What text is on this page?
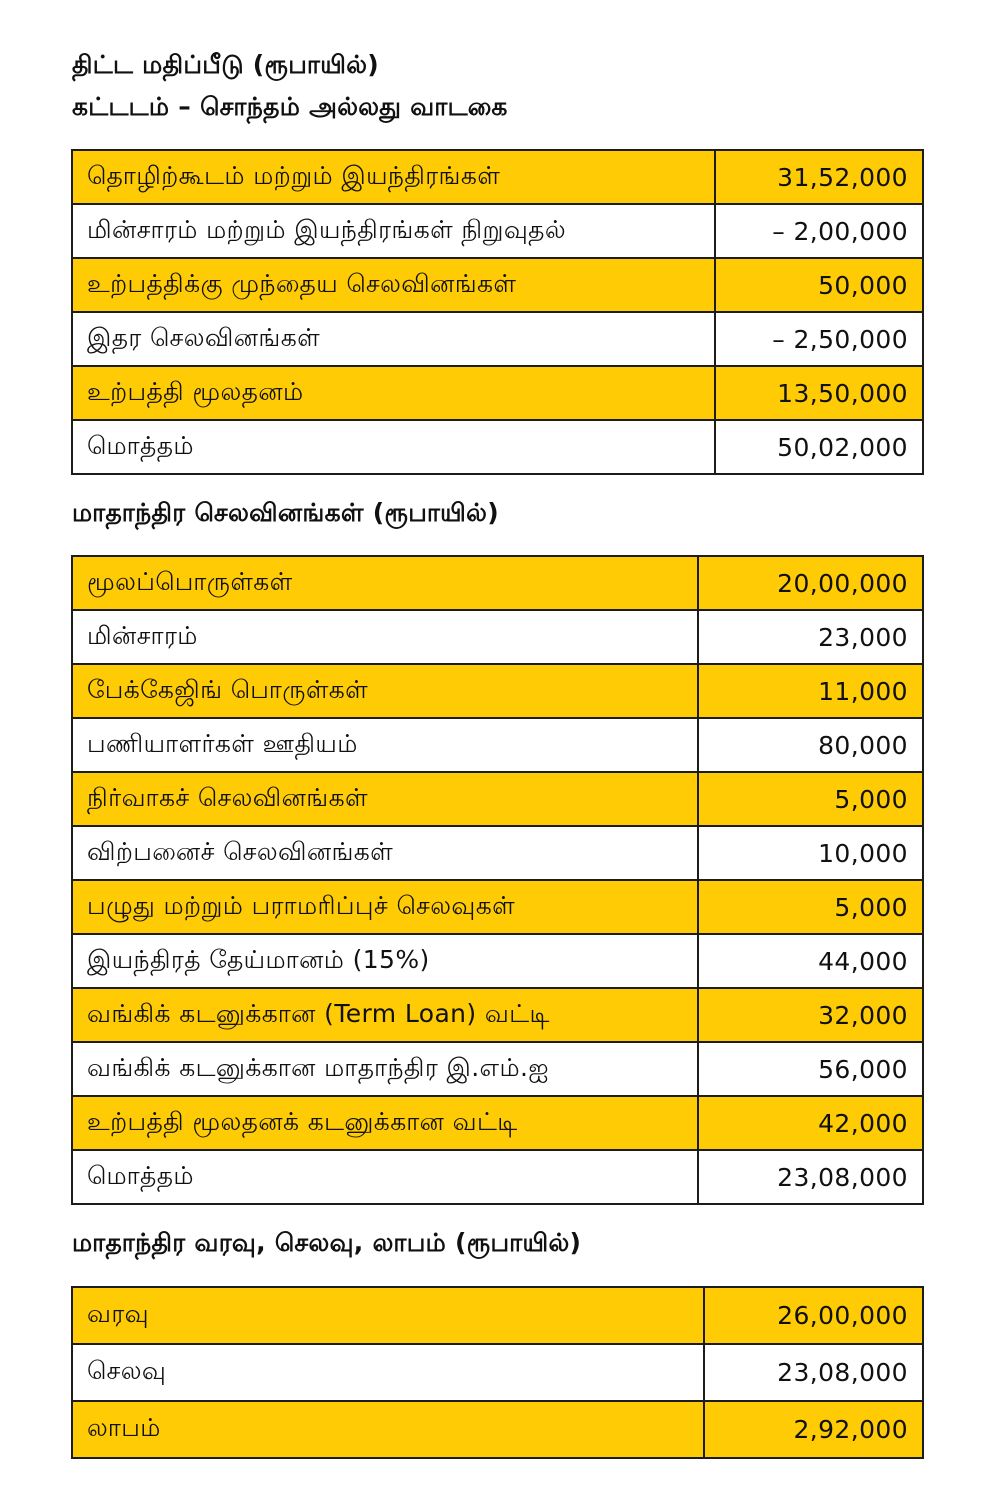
திட்ட மதிப்பீடு (ரூபாயில்)
கட்டடம் – சொந்தம் அல்லது வாடகை
தொழிற்கூடம் மற்றும் இயந்திரங்கள்	31,52,000
மின்சாரம் மற்றும் இயந்திரங்கள் நிறுவுதல்	– 2,00,000
உற்பத்திக்கு முந்தைய செலவினங்கள்	50,000
இதர செலவினங்கள்	– 2,50,000
உற்பத்தி மூலதனம்	13,50,000
மொத்தம்	50,02,000
மாதாந்திர செலவினங்கள் (ரூபாயில்)
மூலப்பொருள்கள்	20,00,000
மின்சாரம்	23,000
பேக்கேஜிங் பொருள்கள்	11,000
பணியாளர்கள் ஊதியம்	80,000
நிர்வாகச் செலவினங்கள்	5,000
விற்பனைச் செலவினங்கள்	10,000
பழுது மற்றும் பராமரிப்புச் செலவுகள்	5,000
இயந்திரத் தேய்மானம் (15%)	44,000
வங்கிக் கடனுக்கான (Term Loan) வட்டி	32,000
வங்கிக் கடனுக்கான மாதாந்திர இ.எம்.ஐ	56,000
உற்பத்தி மூலதனக் கடனுக்கான வட்டி	42,000
மொத்தம்	23,08,000
மாதாந்திர வரவு, செலவு, லாபம் (ரூபாயில்)
வரவு	26,00,000
செலவு	23,08,000
லாபம்	2,92,000
